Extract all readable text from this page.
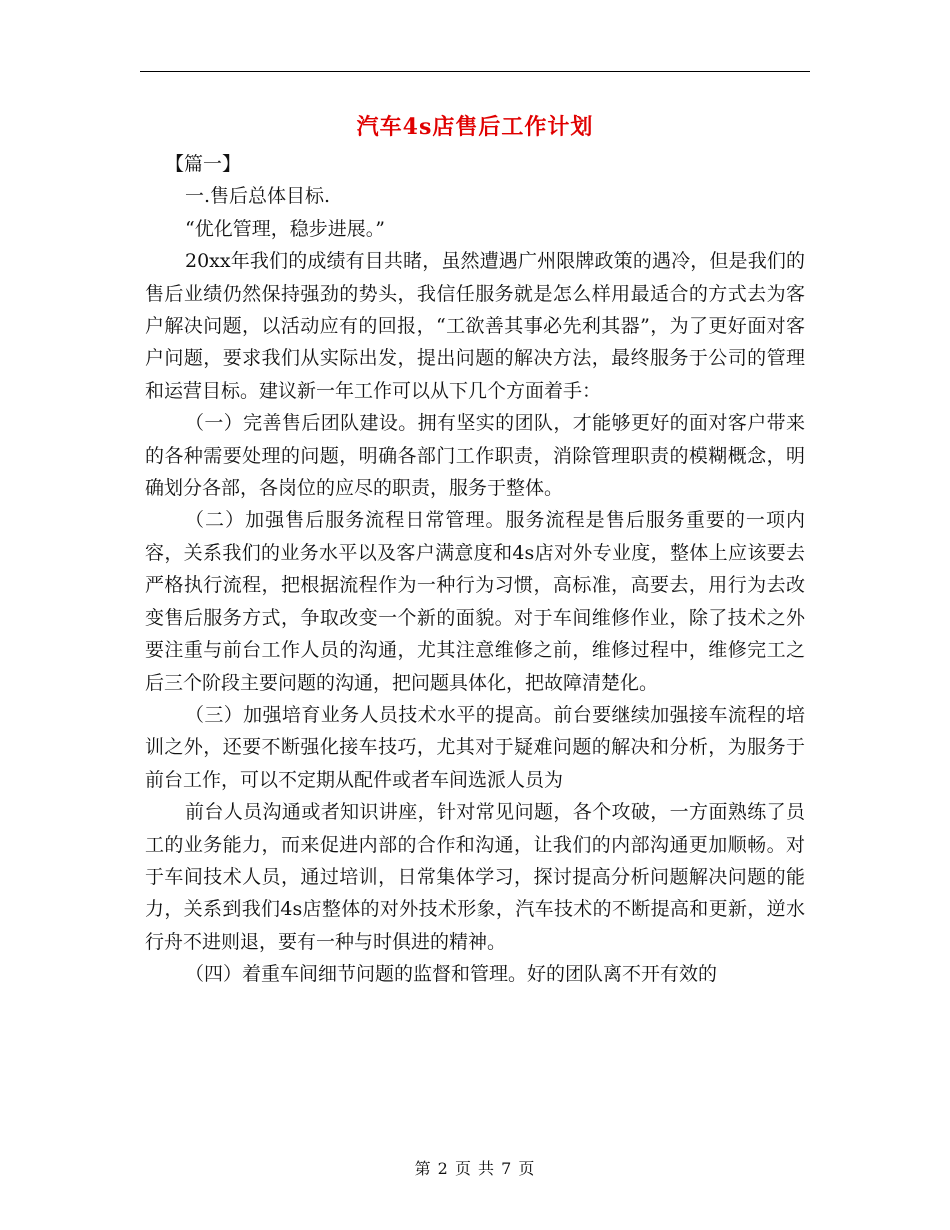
汽车4s店售后工作计划

【篇一】

一.售后总体目标.

“优化管理，稳步进展。”

20xx年我们的成绩有目共睹，虽然遭遇广州限牌政策的遇冷，但是我们的售后业绩仍然保持强劲的势头，我信任服务就是怎么样用最适合的方式去为客户解决问题，以活动应有的回报，“工欲善其事必先利其器”，为了更好面对客户问题，要求我们从实际出发，提出问题的解决方法，最终服务于公司的管理和运营目标。建议新一年工作可以从下几个方面着手：

（一）完善售后团队建设。拥有坚实的团队，才能够更好的面对客户带来的各种需要处理的问题，明确各部门工作职责，消除管理职责的模糊概念，明确划分各部，各岗位的应尽的职责，服务于整体。

（二）加强售后服务流程日常管理。服务流程是售后服务重要的一项内容，关系我们的业务水平以及客户满意度和4s店对外专业度，整体上应该要去严格执行流程，把根据流程作为一种行为习惯，高标准，高要去，用行为去改变售后服务方式，争取改变一个新的面貌。对于车间维修作业，除了技术之外要注重与前台工作人员的沟通，尤其注意维修之前，维修过程中，维修完工之后三个阶段主要问题的沟通，把问题具体化，把故障清楚化。

（三）加强培育业务人员技术水平的提高。前台要继续加强接车流程的培训之外，还要不断强化接车技巧，尤其对于疑难问题的解决和分析，为服务于前台工作，可以不定期从配件或者车间选派人员为

前台人员沟通或者知识讲座，针对常见问题，各个攻破，一方面熟练了员工的业务能力，而来促进内部的合作和沟通，让我们的内部沟通更加顺畅。对于车间技术人员，通过培训，日常集体学习，探讨提高分析问题解决问题的能力，关系到我们4s店整体的对外技术形象，汽车技术的不断提高和更新，逆水行舟不进则退，要有一种与时俱进的精神。

（四）着重车间细节问题的监督和管理。好的团队离不开有效的

第 2 页 共 7 页
